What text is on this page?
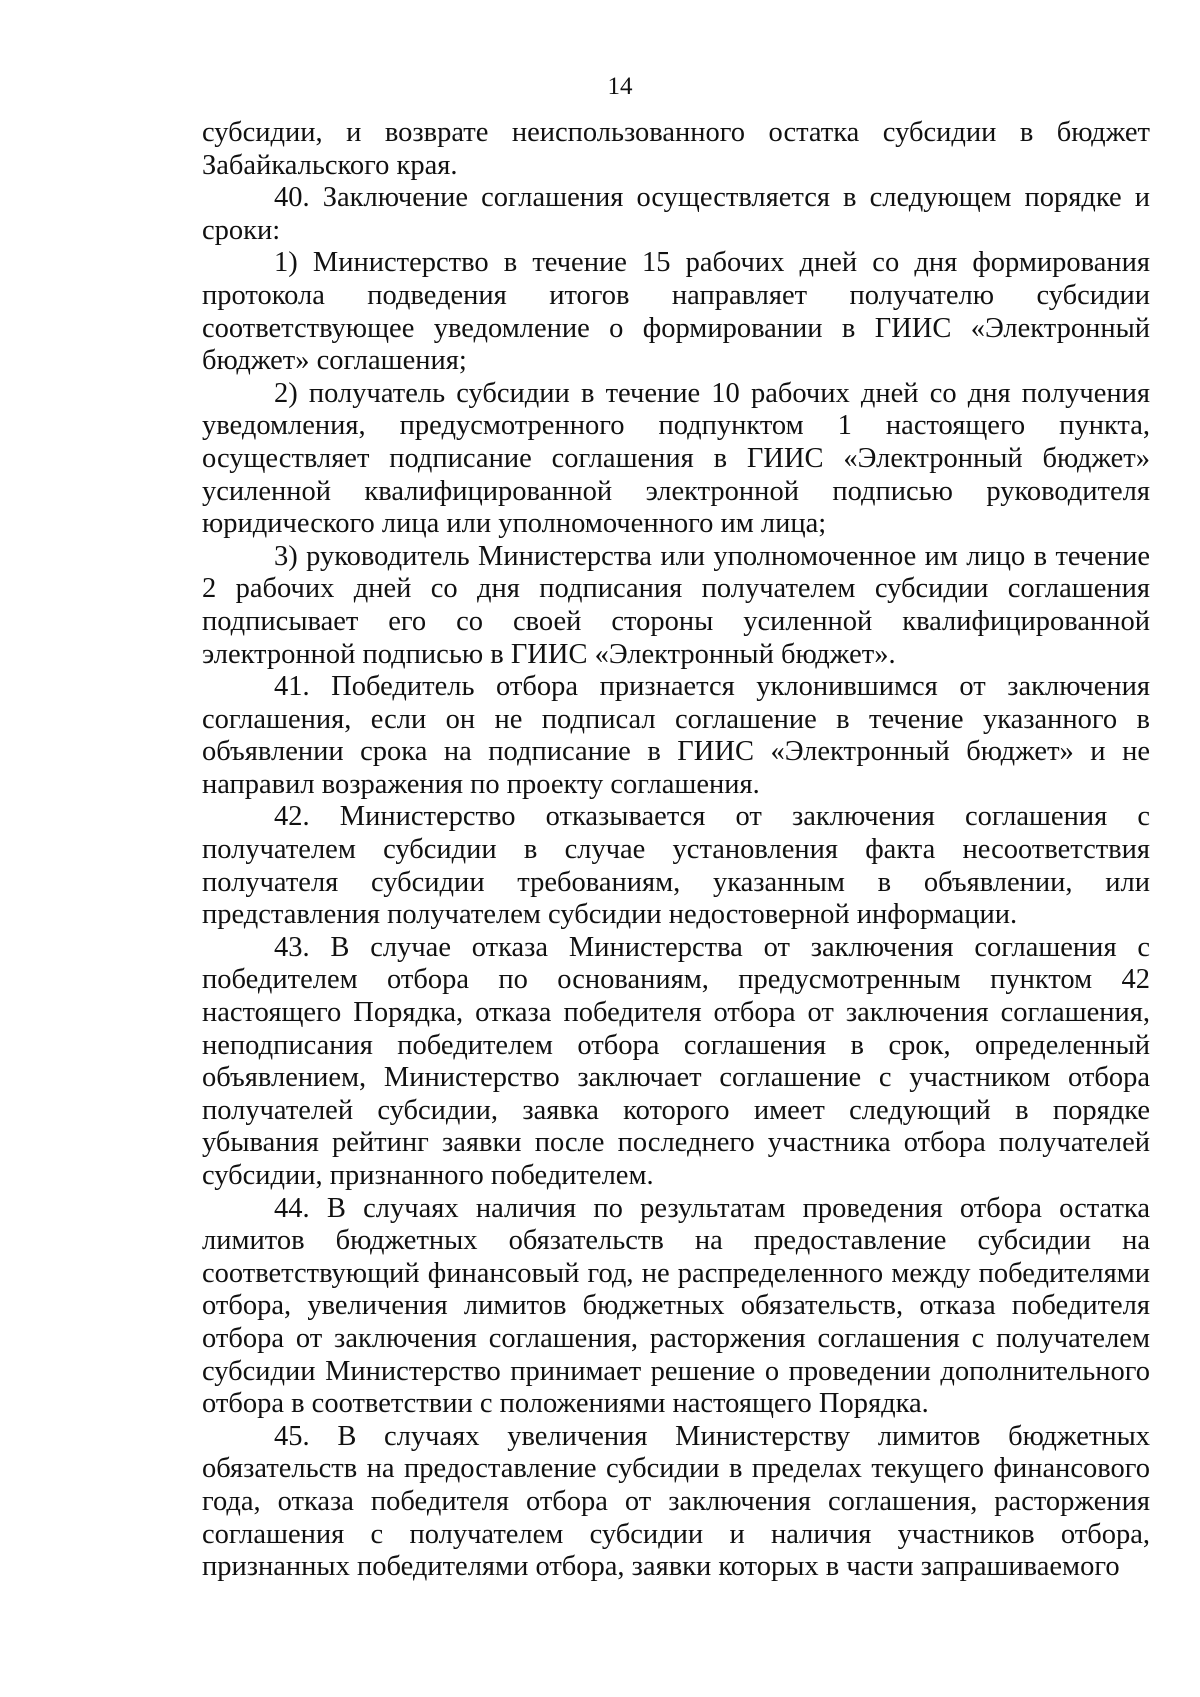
14

субсидии, и возврате неиспользованного остатка субсидии в бюджет Забайкальского края.

40. Заключение соглашения осуществляется в следующем порядке и сроки:

1) Министерство в течение 15 рабочих дней со дня формирования протокола подведения итогов направляет получателю субсидии соответствующее уведомление о формировании в ГИИС «Электронный бюджет» соглашения;

2) получатель субсидии в течение 10 рабочих дней со дня получения уведомления, предусмотренного подпунктом 1 настоящего пункта, осуществляет подписание соглашения в ГИИС «Электронный бюджет» усиленной квалифицированной электронной подписью руководителя юридического лица или уполномоченного им лица;

3) руководитель Министерства или уполномоченное им лицо в течение 2 рабочих дней со дня подписания получателем субсидии соглашения подписывает его со своей стороны усиленной квалифицированной электронной подписью в ГИИС «Электронный бюджет».

41. Победитель отбора признается уклонившимся от заключения соглашения, если он не подписал соглашение в течение указанного в объявлении срока на подписание в ГИИС «Электронный бюджет» и не направил возражения по проекту соглашения.

42. Министерство отказывается от заключения соглашения с получателем субсидии в случае установления факта несоответствия получателя субсидии требованиям, указанным в объявлении, или представления получателем субсидии недостоверной информации.

43. В случае отказа Министерства от заключения соглашения с победителем отбора по основаниям, предусмотренным пунктом 42 настоящего Порядка, отказа победителя отбора от заключения соглашения, неподписания победителем отбора соглашения в срок, определенный объявлением, Министерство заключает соглашение с участником отбора получателей субсидии, заявка которого имеет следующий в порядке убывания рейтинг заявки после последнего участника отбора получателей субсидии, признанного победителем.

44. В случаях наличия по результатам проведения отбора остатка лимитов бюджетных обязательств на предоставление субсидии на соответствующий финансовый год, не распределенного между победителями отбора, увеличения лимитов бюджетных обязательств, отказа победителя отбора от заключения соглашения, расторжения соглашения с получателем субсидии Министерство принимает решение о проведении дополнительного отбора в соответствии с положениями настоящего Порядка.

45. В случаях увеличения Министерству лимитов бюджетных обязательств на предоставление субсидии в пределах текущего финансового года, отказа победителя отбора от заключения соглашения, расторжения соглашения с получателем субсидии и наличия участников отбора, признанных победителями отбора, заявки которых в части запрашиваемого
